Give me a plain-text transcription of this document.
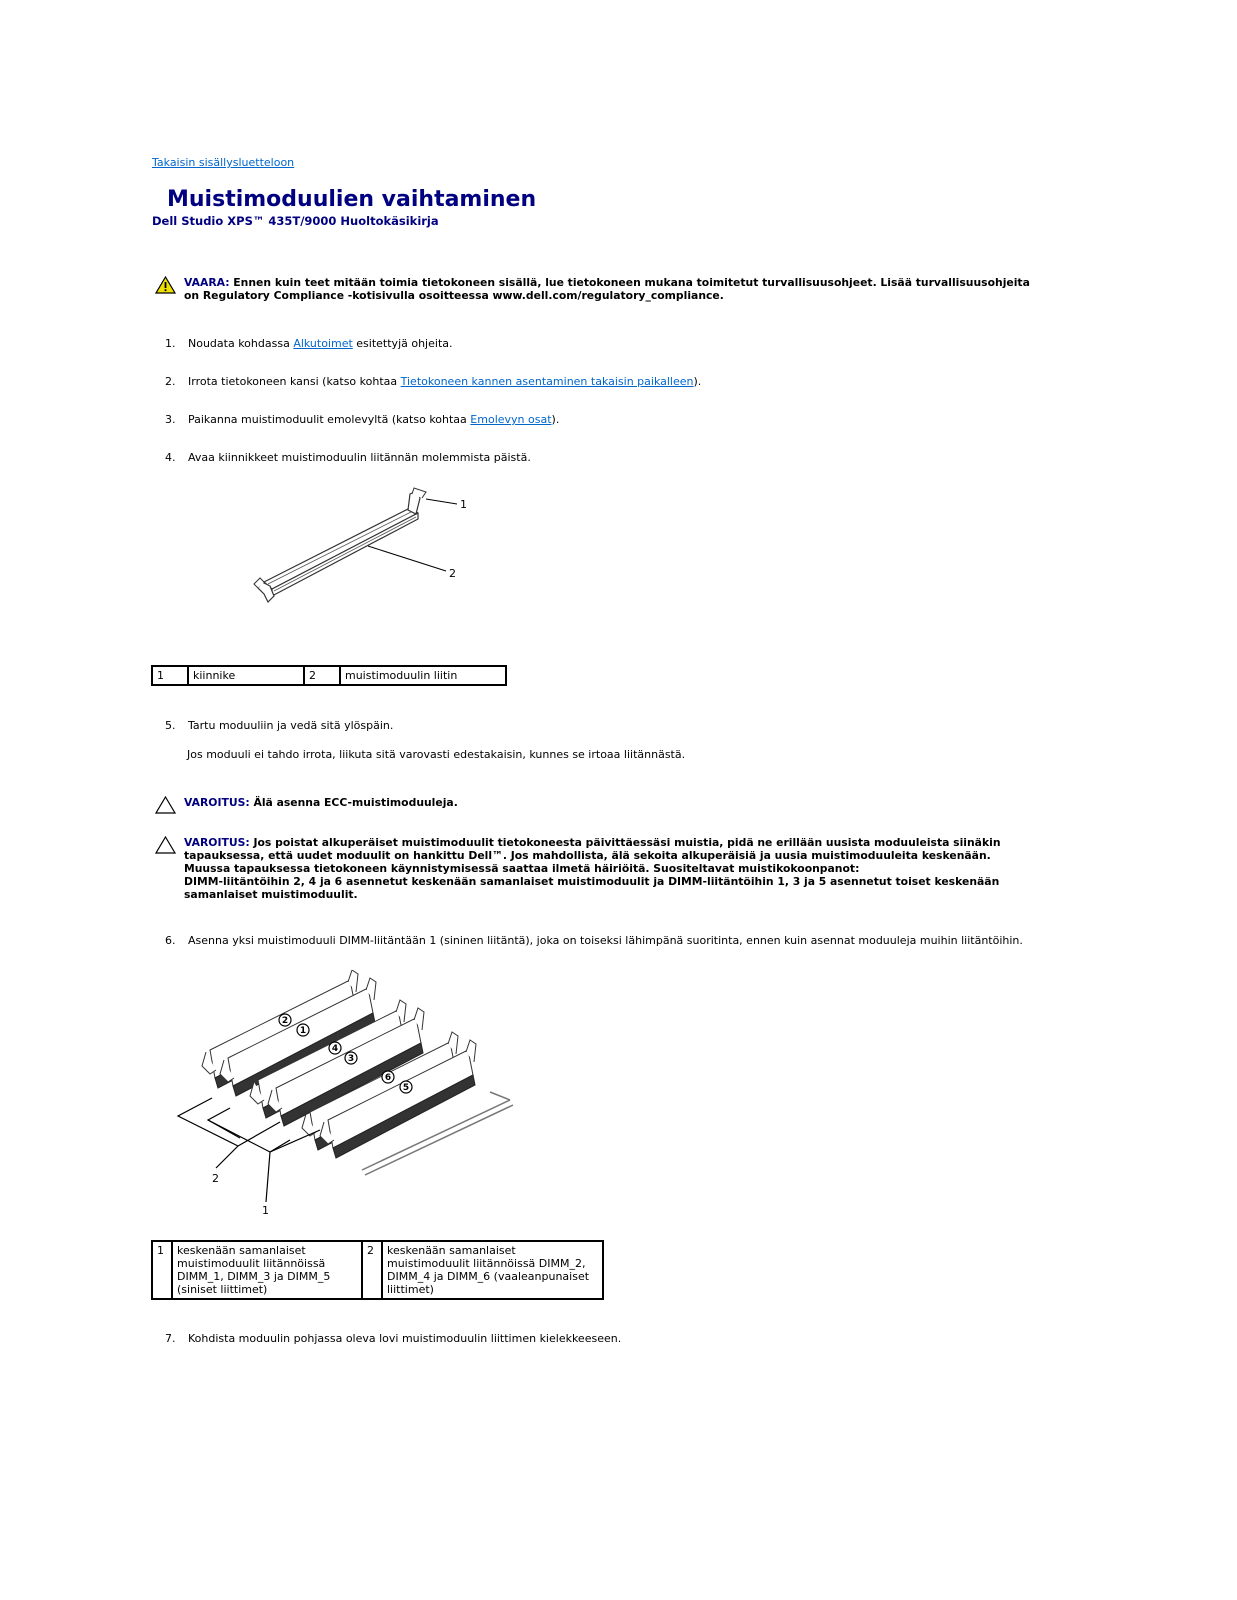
Takaisin sisällysluetteloon
Muistimoduulien vaihtaminen
Dell Studio XPS™ 435T/9000 Huoltokäsikirja
VAARA: Ennen kuin teet mitään toimia tietokoneen sisällä, lue tietokoneen mukana toimitetut turvallisuusohjeet. Lisää turvallisuusohjeita on Regulatory Compliance -kotisivulla osoitteessa www.dell.com/regulatory_compliance.
1. Noudata kohdassa Alkutoimet esitettyjä ohjeita.
2. Irrota tietokoneen kansi (katso kohtaa Tietokoneen kannen asentaminen takaisin paikalleen).
3. Paikanna muistimoduulit emolevyltä (katso kohtaa Emolevyn osat).
4. Avaa kiinnikkeet muistimoduulin liitännän molemmista päistä.
1
2
1	kiinnike	2	muistimoduulin liitin
5. Tartu moduuliin ja vedä sitä ylöspäin.
Jos moduuli ei tahdo irrota, liikuta sitä varovasti edestakaisin, kunnes se irtoaa liitännästä.
VAROITUS: Älä asenna ECC-muistimoduuleja.
VAROITUS: Jos poistat alkuperäiset muistimoduulit tietokoneesta päivittäessäsi muistia, pidä ne erillään uusista moduuleista siinäkin tapauksessa, että uudet moduulit on hankittu Dell™. Jos mahdollista, älä sekoita alkuperäisiä ja uusia muistimoduuleita keskenään. Muussa tapauksessa tietokoneen käynnistymisessä saattaa ilmetä häiriöitä. Suositeltavat muistikokoonpanot:
DIMM-liitäntöihin 2, 4 ja 6 asennetut keskenään samanlaiset muistimoduulit ja DIMM-liitäntöihin 1, 3 ja 5 asennetut toiset keskenään samanlaiset muistimoduulit.
6. Asenna yksi muistimoduuli DIMM-liitäntään 1 (sininen liitäntä), joka on toiseksi lähimpänä suoritinta, ennen kuin asennat moduuleja muihin liitäntöihin.
2
1
4
3
6
5
2
1
1	keskenään samanlaiset muistimoduulit liitännöissä DIMM_1, DIMM_3 ja DIMM_5 (siniset liittimet)	2	keskenään samanlaiset muistimoduulit liitännöissä DIMM_2, DIMM_4 ja DIMM_6 (vaaleanpunaiset liittimet)
7. Kohdista moduulin pohjassa oleva lovi muistimoduulin liittimen kielekkeeseen.
